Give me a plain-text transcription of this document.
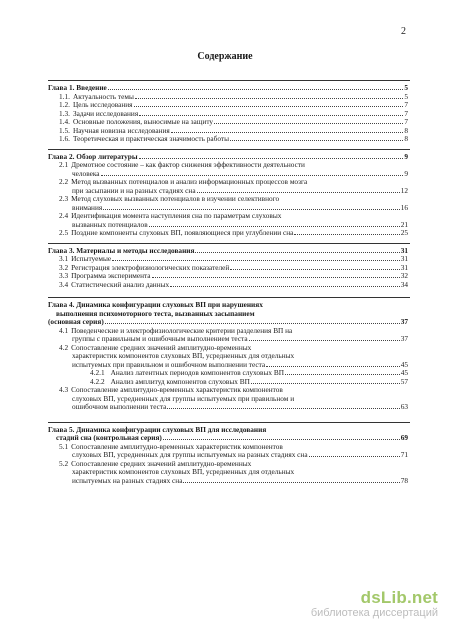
2
Содержание
Глава 1. Введение	5
1.1. Актуальность темы	5
1.2. Цель исследования	7
1.3. Задачи исследования	7
1.4. Основные положения, выносимые на защиту	7
1.5. Научная новизна исследования	8
1.6. Теоретическая и практическая значимость работы	8
Глава 2. Обзор литературы	9
2.1 Дремотное состояние – как фактор снижения эффективности деятельности
человека	9
2.2 Метод вызванных потенциалов и анализ информационных процессов мозга
при засыпании и на разных стадиях сна	12
2.3 Метод слуховых вызванных потенциалов в изучении селективного
внимания	16
2.4 Идентификация момента наступления сна по параметрам слуховых
вызванных потенциалов	21
2.5 Поздние компоненты слуховых ВП, появляющиеся при углублении сна	25
Глава 3. Материалы и методы исследования	31
3.1 Испытуемые	31
3.2 Регистрация электрофизиологических показателей	31
3.3 Программа эксперимента	32
3.4 Статистический анализ данных	34
Глава 4. Динамика конфигурации слуховых ВП при нарушениях
выполнения психомоторного теста, вызванных засыпанием
(основная серия)	37
4.1 Поведенческие и электрофизиологические критерии разделения ВП на
группы с правильным и ошибочным выполнением теста	37
4.2 Сопоставление средних значений амплитудно-временных
характеристик компонентов слуховых ВП, усредненных для отдельных
испытуемых при правильном и ошибочном выполнении теста	45
4.2.1 Анализ латентных периодов компонентов слуховых ВП	45
4.2.2 Анализ амплитуд компонентов слуховых ВП	57
4.3 Сопоставление амплитудно-временных характеристик компонентов
слуховых ВП, усредненных для группы испытуемых при правильном и
ошибочном выполнении теста	63
Глава 5. Динамика конфигурации слуховых ВП для исследования
стадий сна (контрольная серия)	69
5.1 Сопоставление амплитудно-временных характеристик компонентов
слуховых ВП, усредненных для группы испытуемых на разных стадиях сна	71
5.2 Сопоставление средних значений амплитудно-временных
характеристик компонентов слуховых ВП, усредненных для отдельных
испытуемых на разных стадиях сна	78
dsLib.net
библиотека диссертаций
